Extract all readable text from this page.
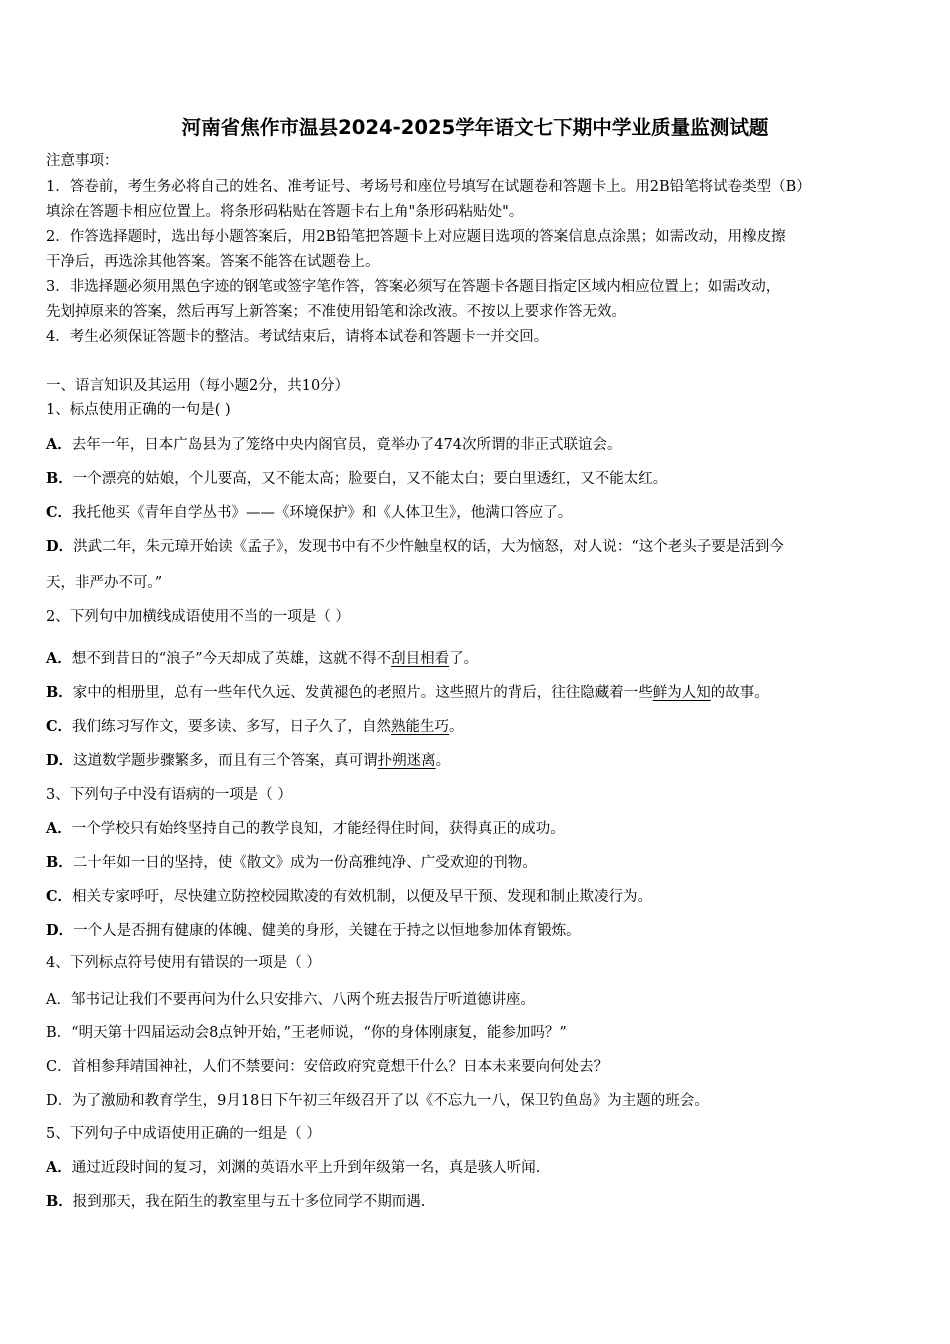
河南省焦作市温县2024-2025学年语文七下期中学业质量监测试题
注意事项：
1．答卷前，考生务必将自己的姓名、准考证号、考场号和座位号填写在试题卷和答题卡上。用2B铅笔将试卷类型（B）
填涂在答题卡相应位置上。将条形码粘贴在答题卡右上角"条形码粘贴处"。
2．作答选择题时，选出每小题答案后，用2B铅笔把答题卡上对应题目选项的答案信息点涂黑；如需改动，用橡皮擦
干净后，再选涂其他答案。答案不能答在试题卷上。
3．非选择题必须用黑色字迹的钢笔或签字笔作答，答案必须写在答题卡各题目指定区域内相应位置上；如需改动，
先划掉原来的答案，然后再写上新答案；不准使用铅笔和涂改液。不按以上要求作答无效。
4．考生必须保证答题卡的整洁。考试结束后，请将本试卷和答题卡一并交回。
一、语言知识及其运用（每小题2分，共10分）
1、标点使用正确的一句是( )
A．去年一年，日本广岛县为了笼络中央内阁官员，竟举办了474次所谓的非正式联谊会。
B．一个漂亮的姑娘，个儿要高，又不能太高；脸要白，又不能太白；要白里透红，又不能太红。
C．我托他买《青年自学丛书》——《环境保护》和《人体卫生》，他满口答应了。
D．洪武二年，朱元璋开始读《孟子》，发现书中有不少忤触皇权的话，大为恼怒，对人说：“这个老头子要是活到今
天，非严办不可。”
2、下列句中加横线成语使用不当的一项是（ ）
A．想不到昔日的“浪子”今天却成了英雄，这就不得不刮目相看了。
B．家中的相册里，总有一些年代久远、发黄褪色的老照片。这些照片的背后，往往隐藏着一些鲜为人知的故事。
C．我们练习写作文，要多读、多写，日子久了，自然熟能生巧。
D．这道数学题步骤繁多，而且有三个答案，真可谓扑朔迷离。
3、下列句子中没有语病的一项是（ ）
A．一个学校只有始终坚持自己的教学良知，才能经得住时间，获得真正的成功。
B．二十年如一日的坚持，使《散文》成为一份高雅纯净、广受欢迎的刊物。
C．相关专家呼吁，尽快建立防控校园欺凌的有效机制，以便及早干预、发现和制止欺凌行为。
D．一个人是否拥有健康的体魄、健美的身形，关键在于持之以恒地参加体育锻炼。
4、下列标点符号使用有错误的一项是（ ）
A．邹书记让我们不要再问为什么只安排六、八两个班去报告厅听道德讲座。
B．“明天第十四届运动会8点钟开始，”王老师说，“你的身体刚康复，能参加吗？”
C．首相参拜靖国神社，人们不禁要问：安倍政府究竟想干什么？日本未来要向何处去？
D．为了激励和教育学生，9月18日下午初三年级召开了以《不忘九一八，保卫钓鱼岛》为主题的班会。
5、下列句子中成语使用正确的一组是（ ）
A．通过近段时间的复习，刘渊的英语水平上升到年级第一名，真是骇人听闻.
B．报到那天，我在陌生的教室里与五十多位同学不期而遇.
